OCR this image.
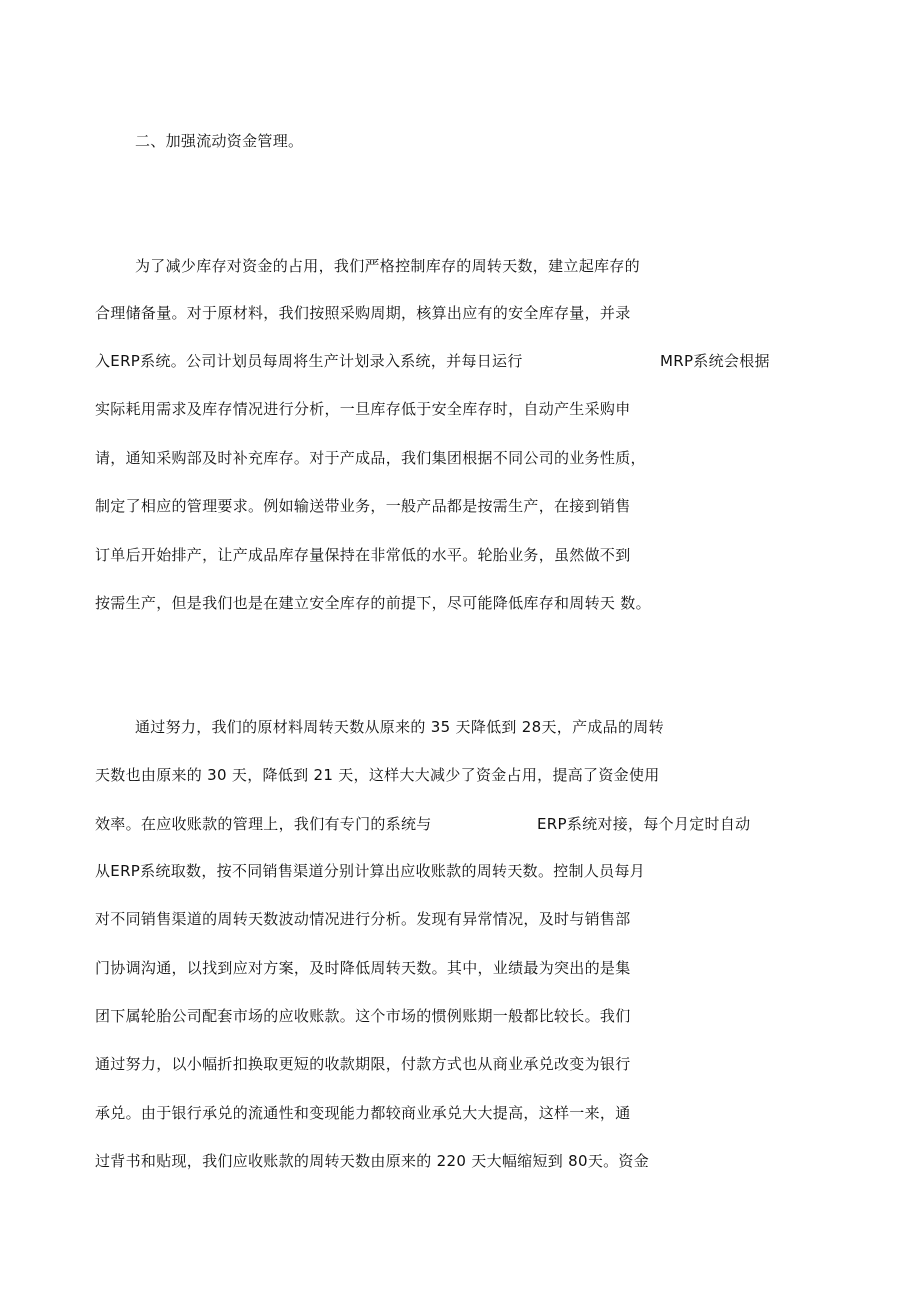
二、加强流动资金管理。
为了减少库存对资金的占用，我们严格控制库存的周转天数，建立起库存的
合理储备量。对于原材料，我们按照采购周期，核算出应有的安全库存量，并录
入ERP系统。公司计划员每周将生产计划录入系统，并每日运行	MRP系统会根据
实际耗用需求及库存情况进行分析，一旦库存低于安全库存时，自动产生采购申
请，通知采购部及时补充库存。对于产成品，我们集团根据不同公司的业务性质，
制定了相应的管理要求。例如输送带业务，一般产品都是按需生产，在接到销售
订单后开始排产，让产成品库存量保持在非常低的水平。轮胎业务，虽然做不到
按需生产，但是我们也是在建立安全库存的前提下，尽可能降低库存和周转天 数。
通过努力，我们的原材料周转天数从原来的 35 天降低到 28天，产成品的周转
天数也由原来的 30 天，降低到 21 天，这样大大减少了资金占用，提高了资金使用
效率。在应收账款的管理上，我们有专门的系统与	ERP系统对接，每个月定时自动
从ERP系统取数，按不同销售渠道分别计算出应收账款的周转天数。控制人员每月
对不同销售渠道的周转天数波动情况进行分析。发现有异常情况，及时与销售部
门协调沟通，以找到应对方案，及时降低周转天数。其中，业绩最为突出的是集
团下属轮胎公司配套市场的应收账款。这个市场的惯例账期一般都比较长。我们
通过努力，以小幅折扣换取更短的收款期限，付款方式也从商业承兑改变为银行
承兑。由于银行承兑的流通性和变现能力都较商业承兑大大提高，这样一来，通
过背书和贴现，我们应收账款的周转天数由原来的 220 天大幅缩短到 80天。资金
